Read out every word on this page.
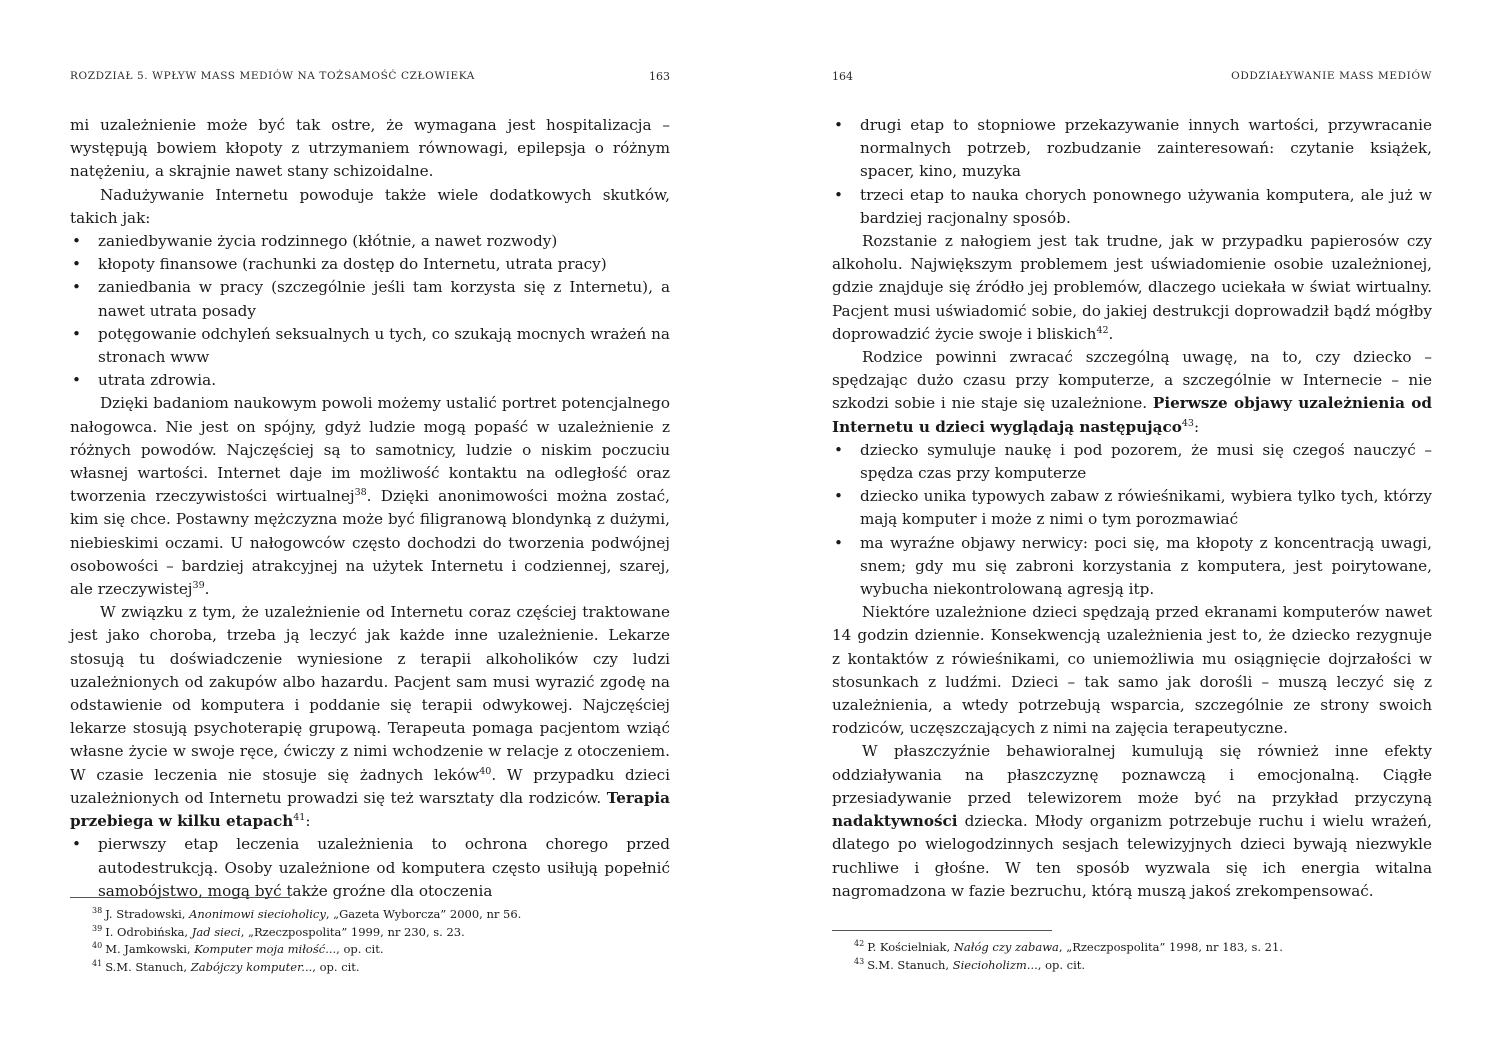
ROZDZIAŁ 5. WPŁYW MASS MEDIÓW NA TOŻSAMOŚĆ CZŁOWIEKA	163

mi uzależnienie może być tak ostre, że wymagana jest hospitalizacja – występują bowiem kłopoty z utrzymaniem równowagi, epilepsja o różnym natężeniu, a skrajnie nawet stany schizoidalne.

Nadużywanie Internetu powoduje także wiele dodatkowych skutków, takich jak:

• zaniedbywanie życia rodzinnego (kłótnie, a nawet rozwody)
• kłopoty finansowe (rachunki za dostęp do Internetu, utrata pracy)
• zaniedbania w pracy (szczególnie jeśli tam korzysta się z Internetu), a nawet utrata posady
• potęgowanie odchyleń seksualnych u tych, co szukają mocnych wrażeń na stronach www
• utrata zdrowia.

Dzięki badaniom naukowym powoli możemy ustalić portret potencjalnego nałogowca. Nie jest on spójny, gdyż ludzie mogą popaść w uzależnienie z różnych powodów. Najczęściej są to samotnicy, ludzie o niskim poczuciu własnej wartości. Internet daje im możliwość kontaktu na odległość oraz tworzenia rzeczywistości wirtualnej$^{38}$. Dzięki anonimowości można zostać, kim się chce. Postawny mężczyzna może być filigranową blondynką z dużymi, niebieskimi oczami. U nałogowców często dochodzi do tworzenia podwójnej osobowości – bardziej atrakcyjnej na użytek Internetu i codziennej, szarej, ale rzeczywistej$^{39}$.

W związku z tym, że uzależnienie od Internetu coraz częściej traktowane jest jako choroba, trzeba ją leczyć jak każde inne uzależnienie. Lekarze stosują tu doświadczenie wyniesione z terapii alkoholików czy ludzi uzależnionych od zakupów albo hazardu. Pacjent sam musi wyrazić zgodę na odstawienie od komputera i poddanie się terapii odwykowej. Najczęściej lekarze stosują psychoterapię grupową. Terapeuta pomaga pacjentom wziąć własne życie w swoje ręce, ćwiczy z nimi wchodzenie w relacje z otoczeniem. W czasie leczenia nie stosuje się żadnych leków$^{40}$. W przypadku dzieci uzależnionych od Internetu prowadzi się też warsztaty dla rodziców. Terapia przebiega w kilku etapach$^{41}$:

• pierwszy etap leczenia uzależnienia to ochrona chorego przed autodestrukcją. Osoby uzależnione od komputera często usiłują popełnić samobójstwo, mogą być także groźne dla otoczenia
$^{38}$ J. Stradowski, Anonimowi siecioholicy, „Gazeta Wyborcza” 2000, nr 56.
$^{39}$ I. Odrobińska, Jad sieci, „Rzeczpospolita” 1999, nr 230, s. 23.
$^{40}$ M. Jamkowski, Komputer moja miłość..., op. cit.
$^{41}$ S.M. Stanuch, Zabójczy komputer..., op. cit.
164	ODDZIAŁYWANIE MASS MEDIÓW
• drugi etap to stopniowe przekazywanie innych wartości, przywracanie normalnych potrzeb, rozbudzanie zainteresowań: czytanie książek, spacer, kino, muzyka
• trzeci etap to nauka chorych ponownego używania komputera, ale już w bardziej racjonalny sposób.

Rozstanie z nałogiem jest tak trudne, jak w przypadku papierosów czy alkoholu. Największym problemem jest uświadomienie osobie uzależnionej, gdzie znajduje się źródło jej problemów, dlaczego uciekała w świat wirtualny. Pacjent musi uświadomić sobie, do jakiej destrukcji doprowadził bądź mógłby doprowadzić życie swoje i bliskich$^{42}$.

Rodzice powinni zwracać szczególną uwagę, na to, czy dziecko – spędzając dużo czasu przy komputerze, a szczególnie w Internecie – nie szkodzi sobie i nie staje się uzależnione. Pierwsze objawy uzależnienia od Internetu u dzieci wyglądają następująco$^{43}$:

• dziecko symuluje naukę i pod pozorem, że musi się czegoś nauczyć – spędza czas przy komputerze
• dziecko unika typowych zabaw z rówieśnikami, wybiera tylko tych, którzy mają komputer i może z nimi o tym porozmawiać
• ma wyraźne objawy nerwicy: poci się, ma kłopoty z koncentracją uwagi, snem; gdy mu się zabroni korzystania z komputera, jest poirytowane, wybucha niekontrolowaną agresją itp.

Niektóre uzależnione dzieci spędzają przed ekranami komputerów nawet 14 godzin dziennie. Konsekwencją uzależnienia jest to, że dziecko rezygnuje z kontaktów z rówieśnikami, co uniemożliwia mu osiągnięcie dojrzałości w stosunkach z ludźmi. Dzieci – tak samo jak dorośli – muszą leczyć się z uzależnienia, a wtedy potrzebują wsparcia, szczególnie ze strony swoich rodziców, uczęszczających z nimi na zajęcia terapeutyczne.

W płaszczyźnie behawioralnej kumulują się również inne efekty oddziaływania na płaszczyznę poznawczą i emocjonalną. Ciągłe przesiadywanie przed telewizorem może być na przykład przyczyną nadaktywności dziecka. Młody organizm potrzebuje ruchu i wielu wrażeń, dlatego po wielogodzinnych sesjach telewizyjnych dzieci bywają niezwykle ruchliwe i głośne. W ten sposób wyzwala się ich energia witalna nagromadzona w fazie bezruchu, którą muszą jakoś zrekompensować.

$^{42}$ P. Kościelniak, Nałóg czy zabawa, „Rzeczpospolita” 1998, nr 183, s. 21.
$^{43}$ S.M. Stanuch, Siecioholizm..., op. cit.
